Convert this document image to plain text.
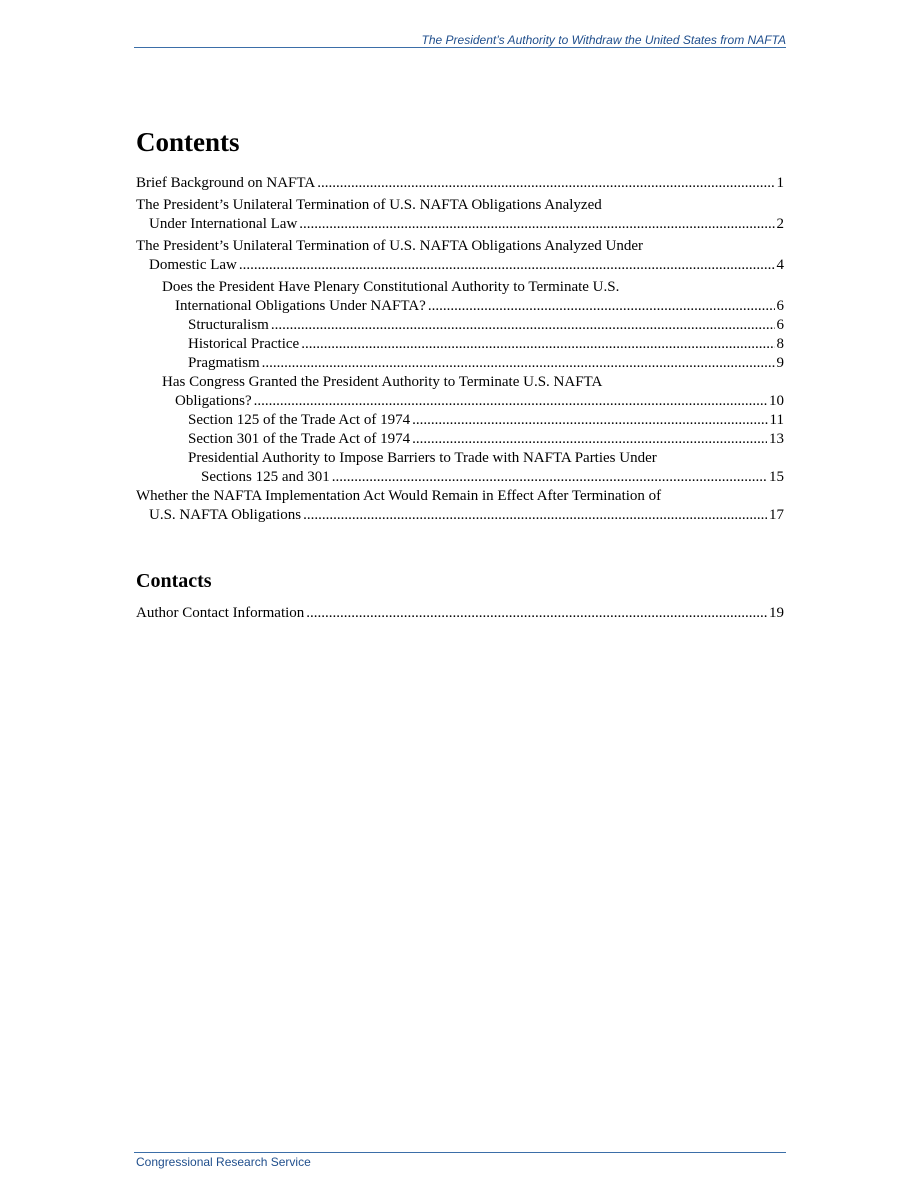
The President’s Authority to Withdraw the United States from NAFTA
Contents
Brief Background on NAFTA .....	1
The President’s Unilateral Termination of U.S. NAFTA Obligations Analyzed
Under International Law .....	2
The President’s Unilateral Termination of U.S. NAFTA Obligations Analyzed Under
Domestic Law .....	4
Does the President Have Plenary Constitutional Authority to Terminate U.S.
International Obligations Under NAFTA? .....	6
Structuralism .....	6
Historical Practice .....	8
Pragmatism .....	9
Has Congress Granted the President Authority to Terminate U.S. NAFTA
Obligations? .....	10
Section 125 of the Trade Act of 1974 .....	11
Section 301 of the Trade Act of 1974 .....	13
Presidential Authority to Impose Barriers to Trade with NAFTA Parties Under
Sections 125 and 301 .....	15
Whether the NAFTA Implementation Act Would Remain in Effect After Termination of
U.S. NAFTA Obligations .....	17
Contacts
Author Contact Information .....	19
Congressional Research Service
